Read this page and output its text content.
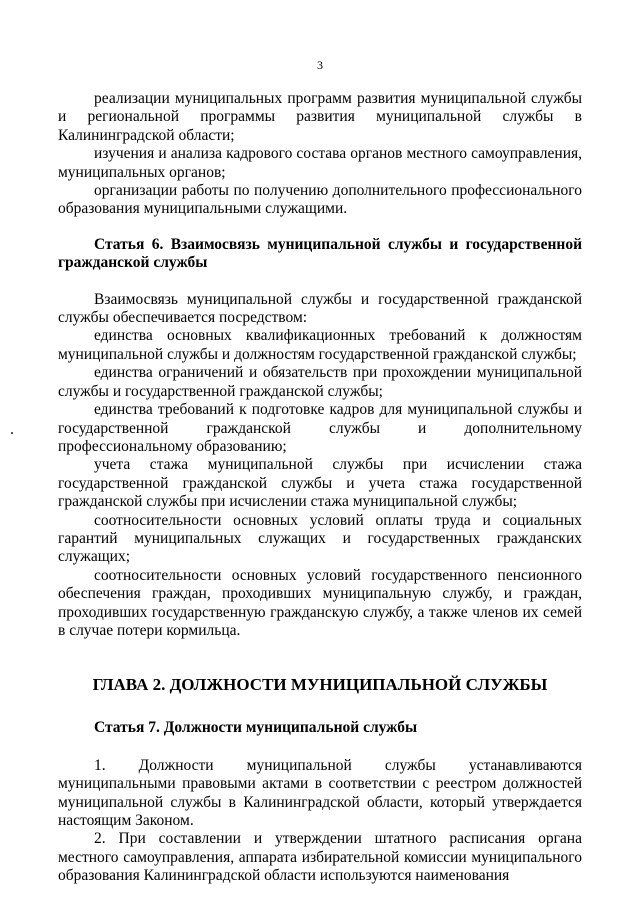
3

реализации муниципальных программ развития муниципальной службы и региональной программы развития муниципальной службы в Калининградской области;

изучения и анализа кадрового состава органов местного самоуправления, муниципальных органов;

организации работы по получению дополнительного профессионального образования муниципальными служащими.

Статья 6. Взаимосвязь муниципальной службы и государственной гражданской службы

Взаимосвязь муниципальной службы и государственной гражданской службы обеспечивается посредством:

единства основных квалификационных требований к должностям муниципальной службы и должностям государственной гражданской службы;

единства ограничений и обязательств при прохождении муниципальной службы и государственной гражданской службы;

единства требований к подготовке кадров для муниципальной службы и государственной гражданской службы и дополнительному профессиональному образованию;

учета стажа муниципальной службы при исчислении стажа государственной гражданской службы и учета стажа государственной гражданской службы при исчислении стажа муниципальной службы;

соотносительности основных условий оплаты труда и социальных гарантий муниципальных служащих и государственных гражданских служащих;

соотносительности основных условий государственного пенсионного обеспечения граждан, проходивших муниципальную службу, и граждан, проходивших государственную гражданскую службу, а также членов их семей в случае потери кормильца.

ГЛАВА 2. ДОЛЖНОСТИ МУНИЦИПАЛЬНОЙ СЛУЖБЫ

Статья 7. Должности муниципальной службы

1. Должности муниципальной службы устанавливаются муниципальными правовыми актами в соответствии с реестром должностей муниципальной службы в Калининградской области, который утверждается настоящим Законом.

2. При составлении и утверждении штатного расписания органа местного самоуправления, аппарата избирательной комиссии муниципального образования Калининградской области используются наименования
